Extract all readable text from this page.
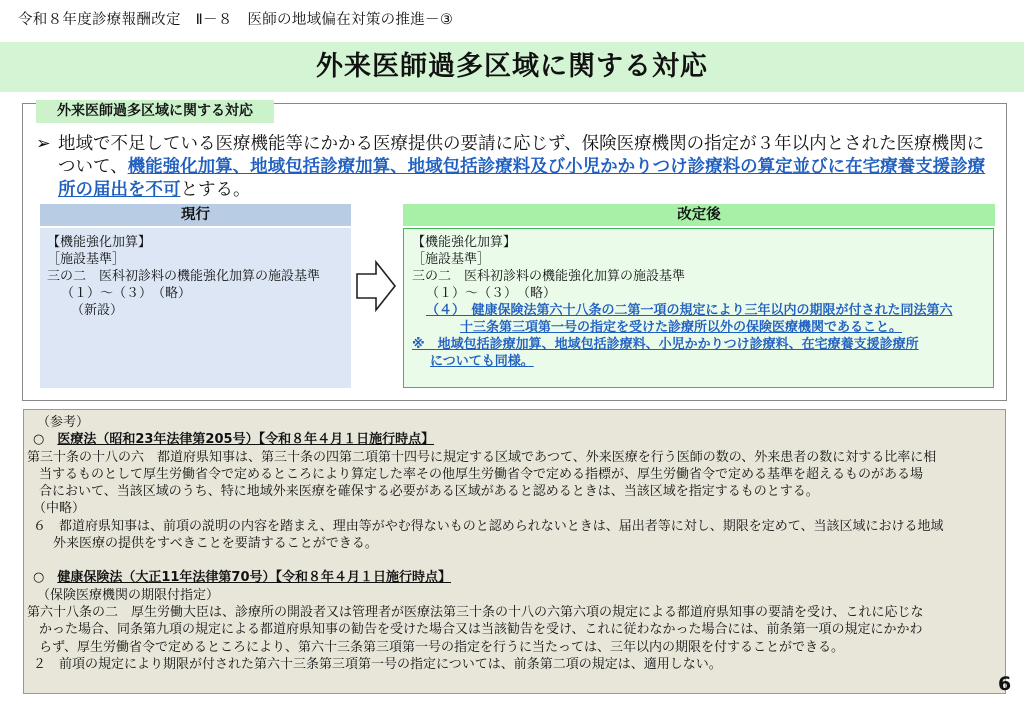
令和８年度診療報酬改定　Ⅱ－８　医師の地域偏在対策の推進－③
外来医師過多区域に関する対応
外来医師過多区域に関する対応
➢ 地域で不足している医療機能等にかかる医療提供の要請に応じず、保険医療機関の指定が３年以内とされた医療機関について、機能強化加算、地域包括診療加算、地域包括診療料及び小児かかりつけ診療料の算定並びに在宅療養支援診療所の届出を不可とする。
現行	改定後
【機能強化加算】
［施設基準］
三の二　医科初診料の機能強化加算の施設基準
（１）～（３）　（略）
（新設）
【機能強化加算】
［施設基準］
三の二　医科初診料の機能強化加算の施設基準
（１）～（３）　（略）
（４）　健康保険法第六十八条の二第一項の規定により三年以内の期限が付された同法第六
十三条第三項第一号の指定を受けた診療所以外の保険医療機関であること。
※　地域包括診療加算、地域包括診療料、小児かかりつけ診療料、在宅療養支援診療所
についても同様。
（参考）
○　医療法（昭和23年法律第205号）【令和８年４月１日施行時点】
第三十条の十八の六　都道府県知事は、第三十条の四第二項第十四号に規定する区域であつて、外来医療を行う医師の数の、外来患者の数に対する比率に相
当するものとして厚生労働省令で定めるところにより算定した率その他厚生労働省令で定める指標が、厚生労働省令で定める基準を超えるものがある場
合において、当該区域のうち、特に地域外来医療を確保する必要がある区域があると認めるときは、当該区域を指定するものとする。
（中略）
６　都道府県知事は、前項の説明の内容を踏まえ、理由等がやむ得ないものと認められないときは、届出者等に対し、期限を定めて、当該区域における地域
外来医療の提供をすべきことを要請することができる。
○　健康保険法（大正11年法律第70号）【令和８年４月１日施行時点】
（保険医療機関の期限付指定）
第六十八条の二　厚生労働大臣は、診療所の開設者又は管理者が医療法第三十条の十八の六第六項の規定による都道府県知事の要請を受け、これに応じな
かった場合、同条第九項の規定による都道府県知事の勧告を受けた場合又は当該勧告を受け、これに従わなかった場合には、前条第一項の規定にかかわ
らず、厚生労働省令で定めるところにより、第六十三条第三項第一号の指定を行うに当たっては、三年以内の期限を付することができる。
２　前項の規定により期限が付された第六十三条第三項第一号の指定については、前条第二項の規定は、適用しない。
6
